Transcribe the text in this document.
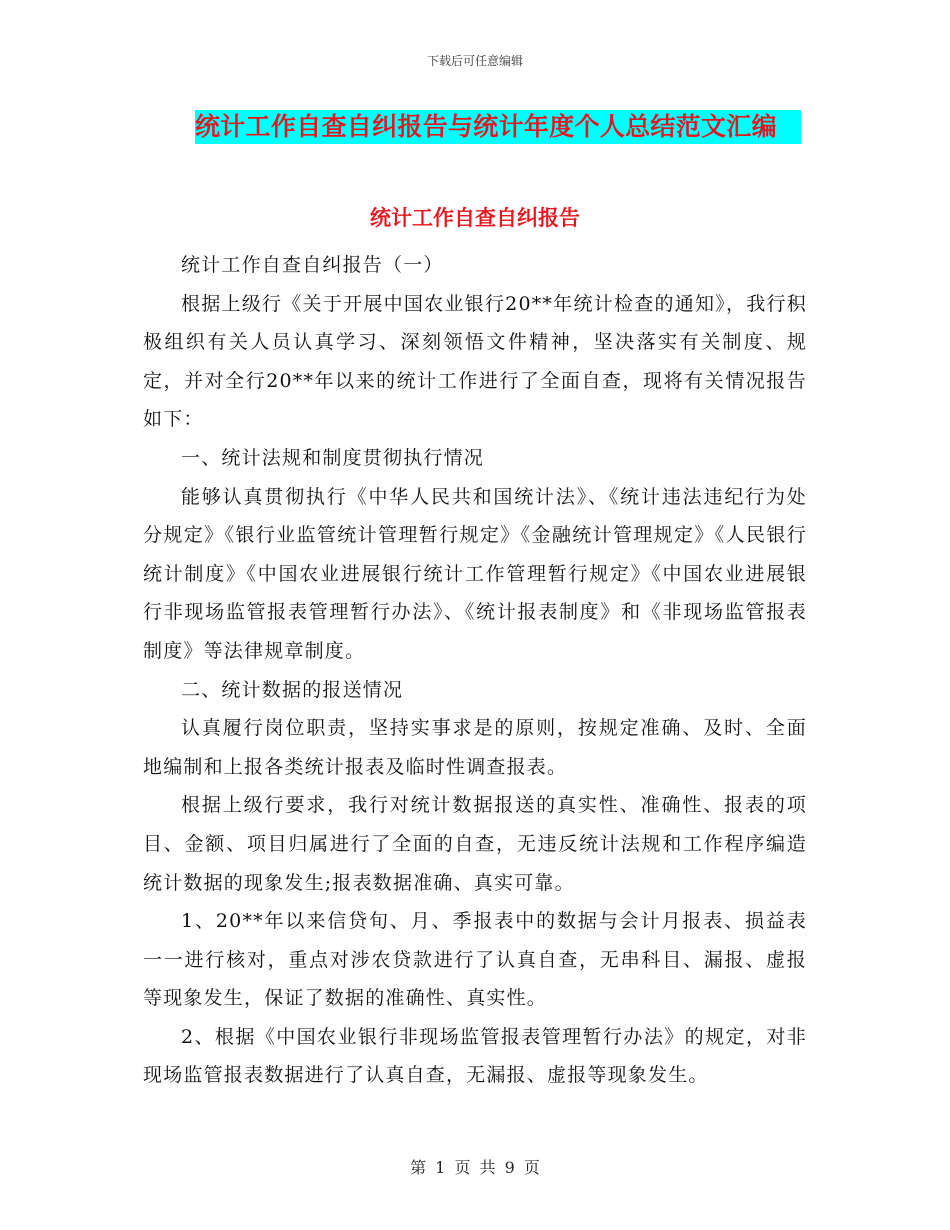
下载后可任意编辑
统计工作自查自纠报告与统计年度个人总结范文汇编
统计工作自查自纠报告

统计工作自查自纠报告（一）

根据上级行《关于开展中国农业银行20**年统计检查的通知》，我行积极组织有关人员认真学习、深刻领悟文件精神，坚决落实有关制度、规定，并对全行20**年以来的统计工作进行了全面自查，现将有关情况报告如下：

一、统计法规和制度贯彻执行情况

能够认真贯彻执行《中华人民共和国统计法》、《统计违法违纪行为处分规定》《银行业监管统计管理暂行规定》《金融统计管理规定》《人民银行统计制度》《中国农业进展银行统计工作管理暂行规定》《中国农业进展银行非现场监管报表管理暂行办法》、《统计报表制度》和《非现场监管报表制度》等法律规章制度。

二、统计数据的报送情况

认真履行岗位职责，坚持实事求是的原则，按规定准确、及时、全面地编制和上报各类统计报表及临时性调查报表。

根据上级行要求，我行对统计数据报送的真实性、准确性、报表的项目、金额、项目归属进行了全面的自查，无违反统计法规和工作程序编造统计数据的现象发生;报表数据准确、真实可靠。

1、20**年以来信贷旬、月、季报表中的数据与会计月报表、损益表一一进行核对，重点对涉农贷款进行了认真自查，无串科目、漏报、虚报等现象发生，保证了数据的准确性、真实性。

2、根据《中国农业银行非现场监管报表管理暂行办法》的规定，对非现场监管报表数据进行了认真自查，无漏报、虚报等现象发生。

第 1 页 共 9 页
